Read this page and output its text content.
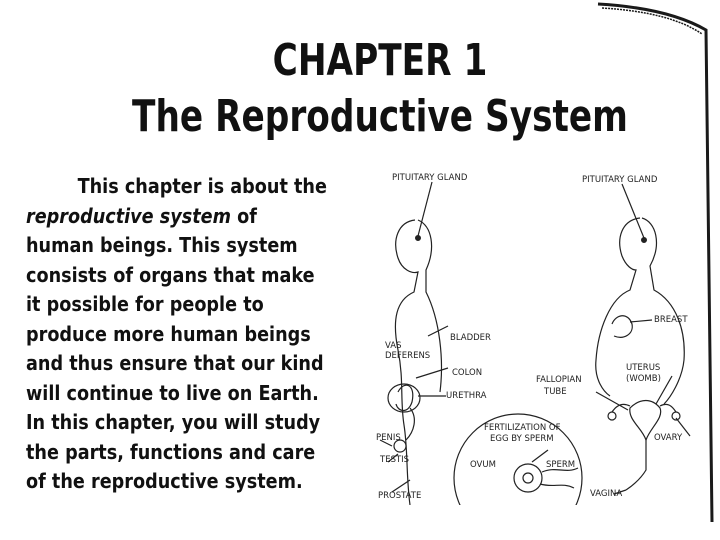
CHAPTER 1
The Reproductive System
This chapter is about the
reproductive system of
human beings. This system
consists of organs that make
it possible for people to
produce more human beings
and thus ensure that our kind
will continue to live on Earth.
In this chapter, you will study
the parts, functions and care
of the reproductive system.
PITUITARY GLAND	PITUITARY GLAND
BREAST
VAS
DEFERENS
BLADDER
COLON
URETHRA
FALLOPIAN
TUBE
UTERUS
(WOMB)
FERTILIZATION OF
EGG BY SPERM
PENIS
TESTIS	OVUM	SPERM
OVARY
PROSTATE	VAGINA
